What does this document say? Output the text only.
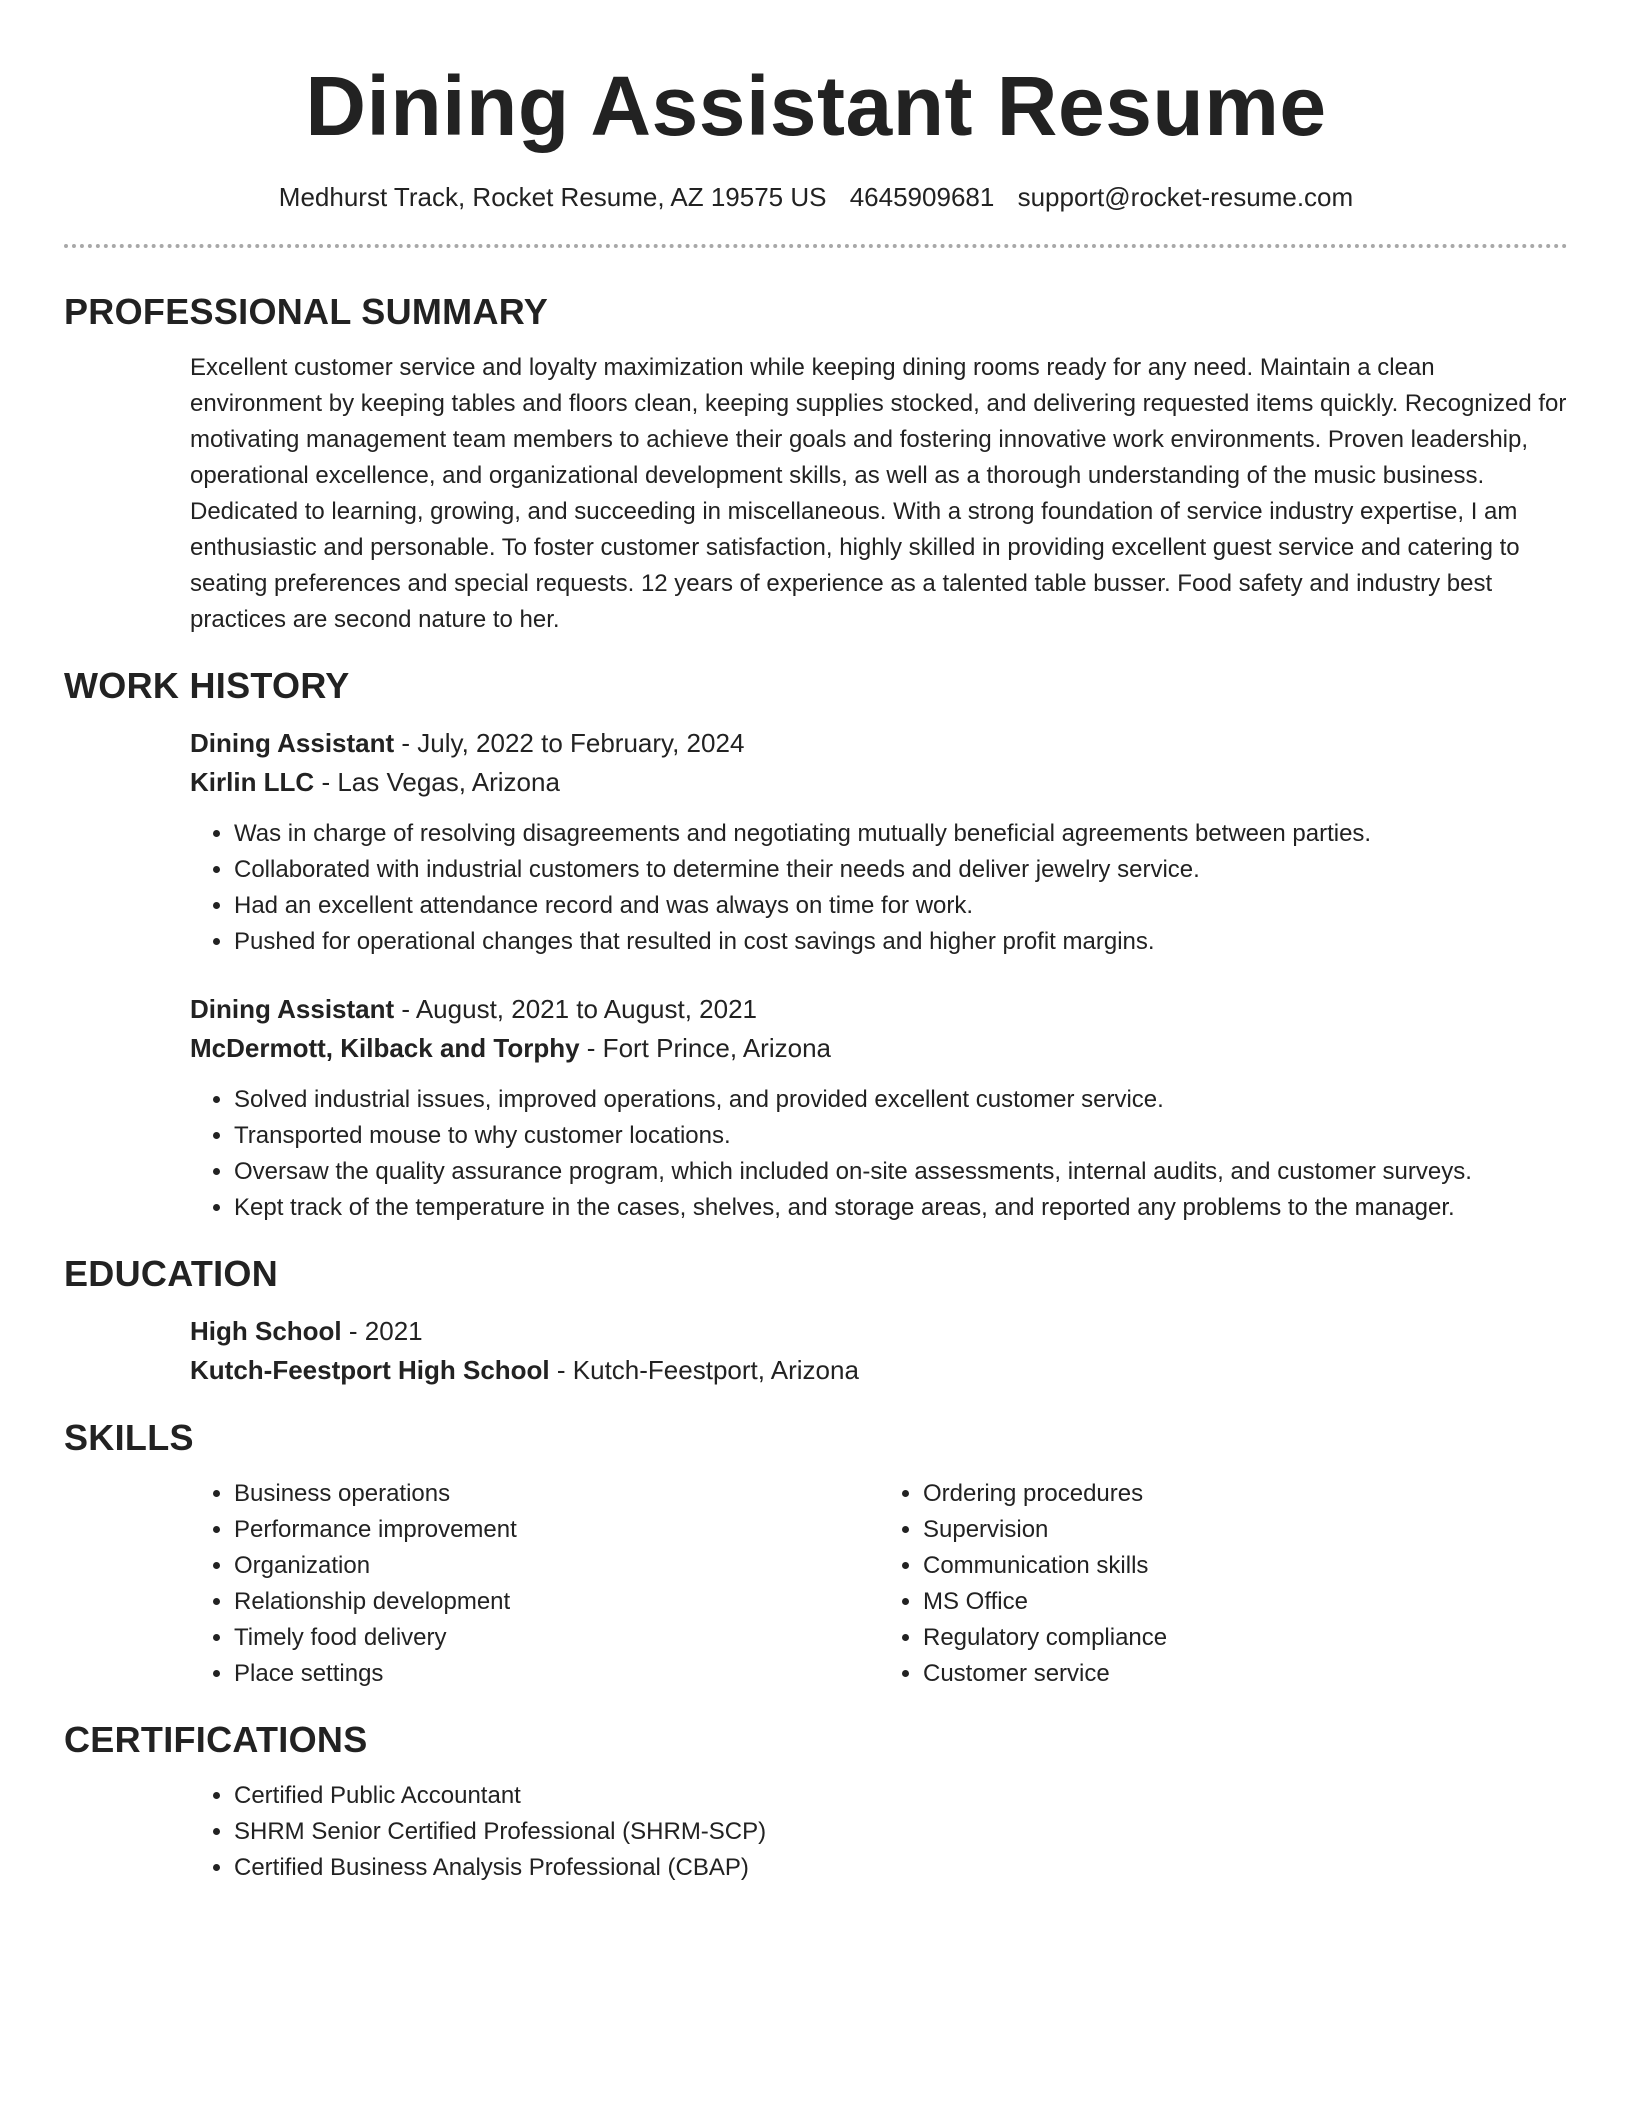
Dining Assistant Resume
Medhurst Track, Rocket Resume, AZ 19575 US 4645909681 support@rocket-resume.com
PROFESSIONAL SUMMARY

Excellent customer service and loyalty maximization while keeping dining rooms ready for any need. Maintain a clean environment by keeping tables and floors clean, keeping supplies stocked, and delivering requested items quickly. Recognized for motivating management team members to achieve their goals and fostering innovative work environments. Proven leadership, operational excellence, and organizational development skills, as well as a thorough understanding of the music business. Dedicated to learning, growing, and succeeding in miscellaneous. With a strong foundation of service industry expertise, I am enthusiastic and personable. To foster customer satisfaction, highly skilled in providing excellent guest service and catering to seating preferences and special requests. 12 years of experience as a talented table busser. Food safety and industry best practices are second nature to her.

WORK HISTORY
Dining Assistant - July, 2022 to February, 2024
Kirlin LLC - Las Vegas, Arizona
• Was in charge of resolving disagreements and negotiating mutually beneficial agreements between parties.
• Collaborated with industrial customers to determine their needs and deliver jewelry service.
• Had an excellent attendance record and was always on time for work.
• Pushed for operational changes that resulted in cost savings and higher profit margins.
Dining Assistant - August, 2021 to August, 2021
McDermott, Kilback and Torphy - Fort Prince, Arizona
• Solved industrial issues, improved operations, and provided excellent customer service.
• Transported mouse to why customer locations.
• Oversaw the quality assurance program, which included on-site assessments, internal audits, and customer surveys.
• Kept track of the temperature in the cases, shelves, and storage areas, and reported any problems to the manager.
EDUCATION
High School - 2021
Kutch-Feestport High School - Kutch-Feestport, Arizona
SKILLS
• Business operations
• Performance improvement
• Organization
• Relationship development
• Timely food delivery
• Place settings
• Ordering procedures
• Supervision
• Communication skills
• MS Office
• Regulatory compliance
• Customer service
CERTIFICATIONS
• Certified Public Accountant
• SHRM Senior Certified Professional (SHRM-SCP)
• Certified Business Analysis Professional (CBAP)
